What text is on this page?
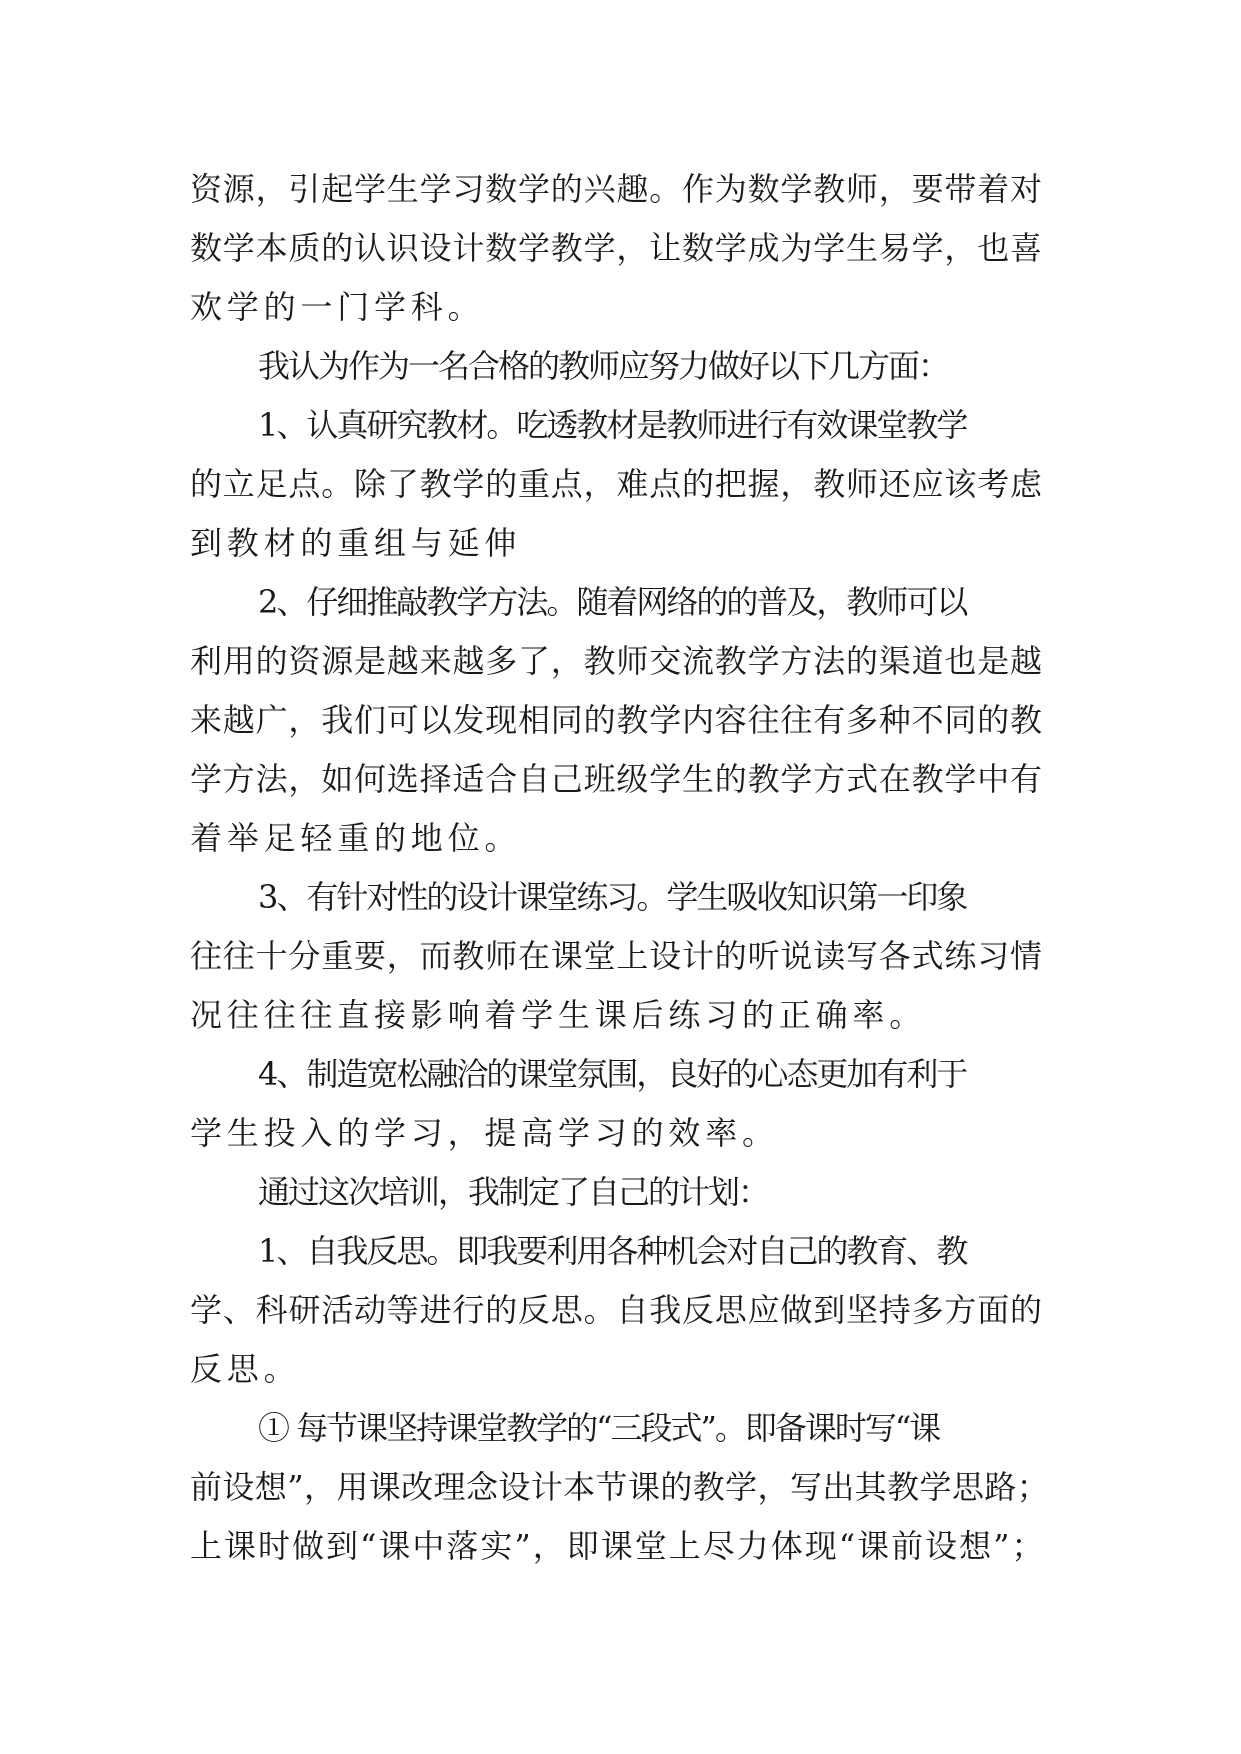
资源，引起学生学习数学的兴趣。作为数学教师，要带着对
数学本质的认识设计数学教学，让数学成为学生易学，也喜
欢学的一门学科。
我认为作为一名合格的教师应努力做好以下几方面：
1、认真研究教材。吃透教材是教师进行有效课堂教学
的立足点。除了教学的重点，难点的把握，教师还应该考虑
到教材的重组与延伸
2、仔细推敲教学方法。随着网络的的普及，教师可以
利用的资源是越来越多了，教师交流教学方法的渠道也是越
来越广，我们可以发现相同的教学内容往往有多种不同的教
学方法，如何选择适合自己班级学生的教学方式在教学中有
着举足轻重的地位。
3、有针对性的设计课堂练习。学生吸收知识第一印象
往往十分重要，而教师在课堂上设计的听说读写各式练习情
况往往往直接影响着学生课后练习的正确率。
4、制造宽松融洽的课堂氛围，良好的心态更加有利于
学生投入的学习，提高学习的效率。
通过这次培训，我制定了自己的计划：
1、自我反思。即我要利用各种机会对自己的教育、教
学、科研活动等进行的反思。自我反思应做到坚持多方面的
反思。
① 每节课坚持课堂教学的“三段式”。即备课时写“课
前设想”，用课改理念设计本节课的教学，写出其教学思路；
上课时做到“课中落实”，即课堂上尽力体现“课前设想”；
